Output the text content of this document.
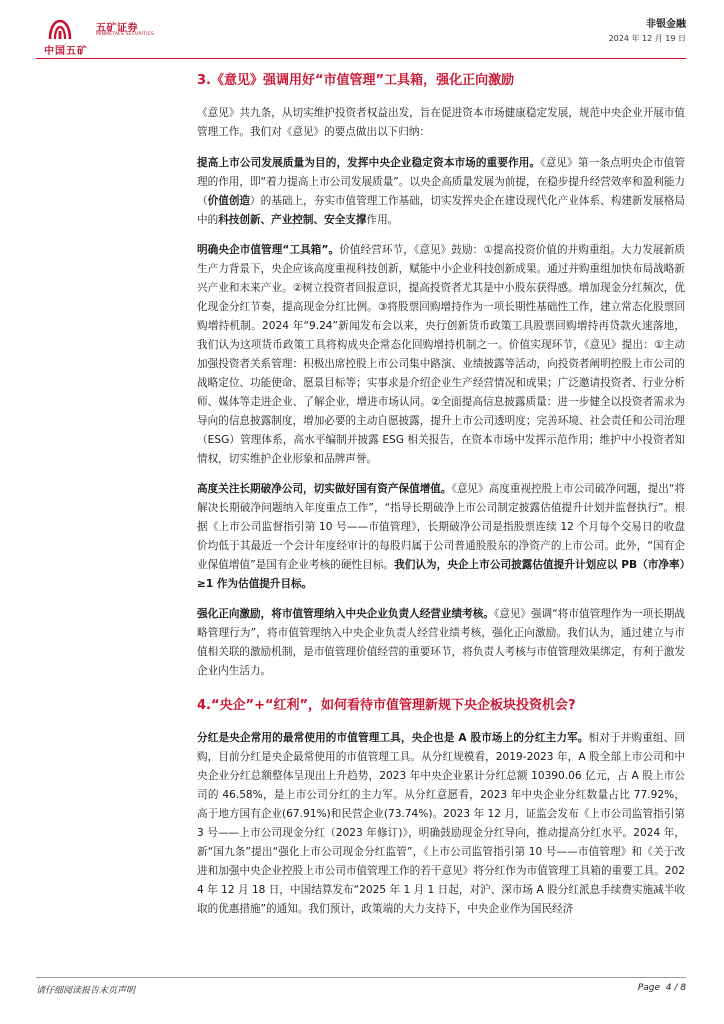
五矿证券
MINMETALS SECURITIES
中国五矿
非银金融
2024 年 12 月 19 日
3.《意见》强调用好“市值管理”工具箱，强化正向激励

《意见》共九条，从切实维护投资者权益出发，旨在促进资本市场健康稳定发展，规范中央企业开展市值管理工作。我们对《意见》的要点做出以下归纳：

提高上市公司发展质量为目的，发挥中央企业稳定资本市场的重要作用。《意见》第一条点明央企市值管理的作用，即“着力提高上市公司发展质量”。以央企高质量发展为前提，在稳步提升经营效率和盈利能力（价值创造）的基础上，夯实市值管理工作基础，切实发挥央企在建设现代化产业体系、构建新发展格局中的科技创新、产业控制、安全支撑作用。

明确央企市值管理“工具箱”。价值经营环节，《意见》鼓励：①提高投资价值的并购重组。大力发展新质生产力背景下，央企应该高度重视科技创新，赋能中小企业科技创新成果。通过并购重组加快布局战略新兴产业和未来产业。②树立投资者回报意识，提高投资者尤其是中小股东获得感。增加现金分红频次，优化现金分红节奏，提高现金分红比例。③将股票回购增持作为一项长期性基础性工作，建立常态化股票回购增持机制。2024 年“9.24”新闻发布会以来，央行创新货币政策工具股票回购增持再贷款火速落地，我们认为这项货币政策工具将构成央企常态化回购增持机制之一。价值实现环节，《意见》提出：①主动加强投资者关系管理：积极出席控股上市公司集中路演、业绩披露等活动，向投资者阐明控股上市公司的战略定位、功能使命、愿景目标等；实事求是介绍企业生产经营情况和成果；广泛邀请投资者、行业分析师、媒体等走进企业、了解企业，增进市场认同。②全面提高信息披露质量：进一步健全以投资者需求为导向的信息披露制度，增加必要的主动自愿披露，提升上市公司透明度；完善环境、社会责任和公司治理（ESG）管理体系，高水平编制并披露 ESG 相关报告，在资本市场中发挥示范作用；维护中小投资者知情权，切实维护企业形象和品牌声誉。

高度关注长期破净公司，切实做好国有资产保值增值。《意见》高度重视控股上市公司破净问题，提出“将解决长期破净问题纳入年度重点工作”，“指导长期破净上市公司制定披露估值提升计划并监督执行”。根据《上市公司监督指引第 10 号——市值管理》，长期破净公司是指股票连续 12 个月每个交易日的收盘价均低于其最近一个会计年度经审计的每股归属于公司普通股股东的净资产的上市公司。此外，“国有企业保值增值”是国有企业考核的硬性目标。我们认为，央企上市公司披露估值提升计划应以 PB（市净率）≥1 作为估值提升目标。

强化正向激励，将市值管理纳入中央企业负责人经营业绩考核。《意见》强调“将市值管理作为一项长期战略管理行为”，将市值管理纳入中央企业负责人经营业绩考核，强化正向激励。我们认为，通过建立与市值相关联的激励机制，是市值管理价值经营的重要环节，将负责人考核与市值管理效果绑定，有利于激发企业内生活力。

4.“央企”+“红利”，如何看待市值管理新规下央企板块投资机会?

分红是央企常用的最常使用的市值管理工具，央企也是 A 股市场上的分红主力军。相对于并购重组、回购，目前分红是央企最常使用的市值管理工具。从分红规模看，2019-2023 年，A 股全部上市公司和中央企业分红总额整体呈现出上升趋势，2023 年中央企业累计分红总额 10390.06 亿元，占 A 股上市公司的 46.58%，是上市公司分红的主力军。从分红意愿看，2023 年中央企业分红数量占比 77.92%，高于地方国有企业(67.91%)和民营企业(73.74%)。2023 年 12 月，证监会发布《上市公司监管指引第 3 号——上市公司现金分红（2023 年修订)》，明确鼓励现金分红导向，推动提高分红水平。2024 年，新“国九条”提出“强化上市公司现金分红监管”，《上市公司监管指引第 10 号——市值管理》和《关于改进和加强中央企业控股上市公司市值管理工作的若干意见》将分红作为市值管理工具箱的重要工具。2024 年 12 月 18 日，中国结算发布“2025 年 1 月 1 日起，对沪、深市场 A 股分红派息手续费实施减半收取的优惠措施”的通知。我们预计，政策端的大力支持下，中央企业作为国民经济

请仔细阅读报告末页声明	Page 4 / 8
